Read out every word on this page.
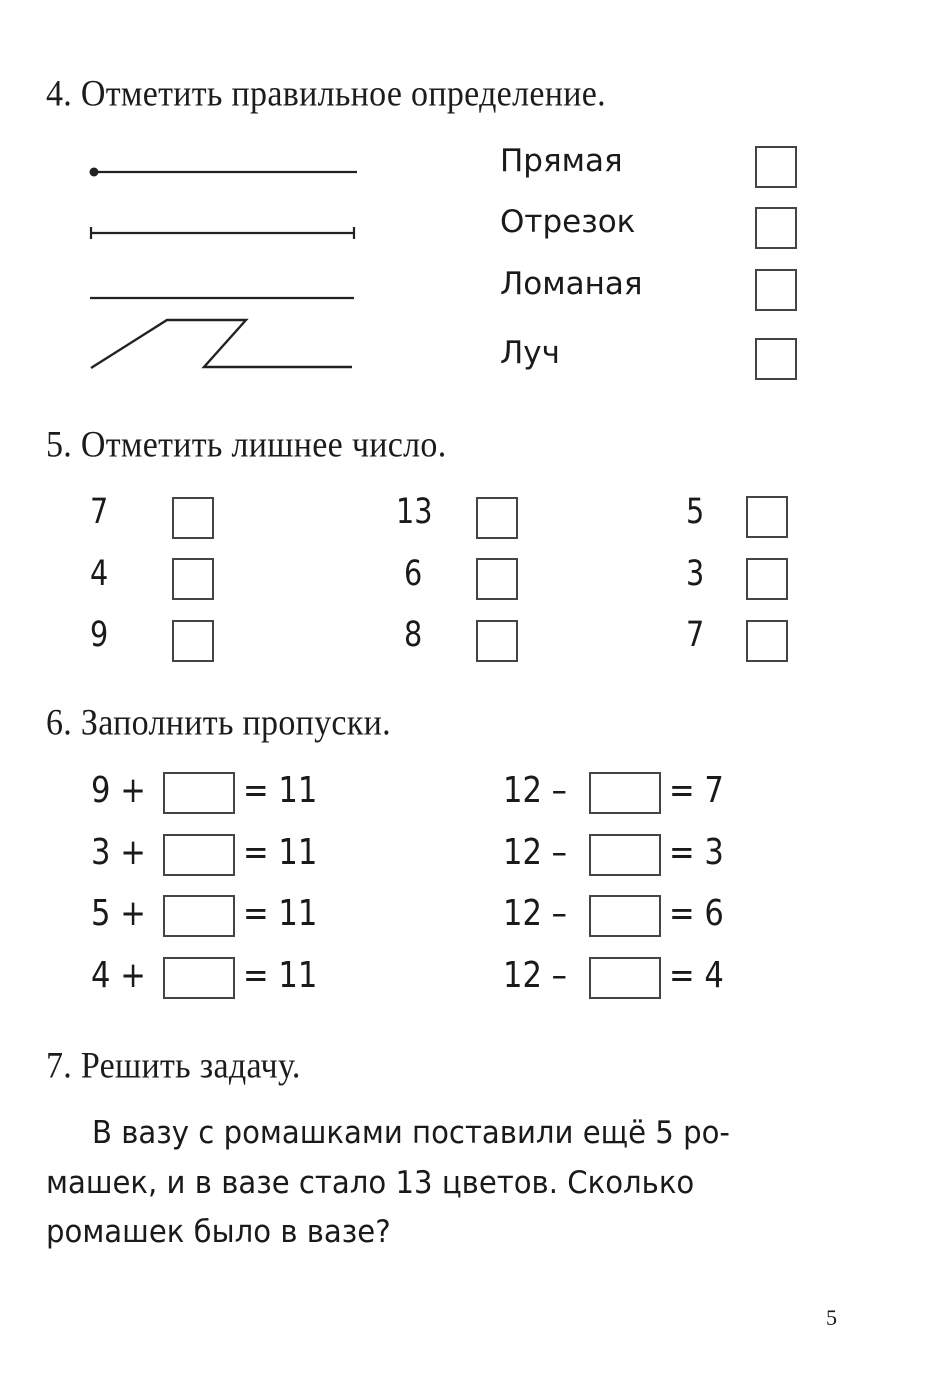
4. Отметить правильное определение.
Прямая
Отрезок
Ломаная
Луч
5. Отметить лишнее число.
7
4
9
13
6
8
5
3
7
6. Заполнить пропуски.
9 +	= 11
3 +	= 11
5 +	= 11
4 +	= 11
12 –	= 7
12 –	= 3
12 –	= 6
12 –	= 4
7. Решить задачу.
В вазу с ромашками поставили ещё 5 ро-
машек, и в вазе стало 13 цветов. Сколько
ромашек было в вазе?
5
